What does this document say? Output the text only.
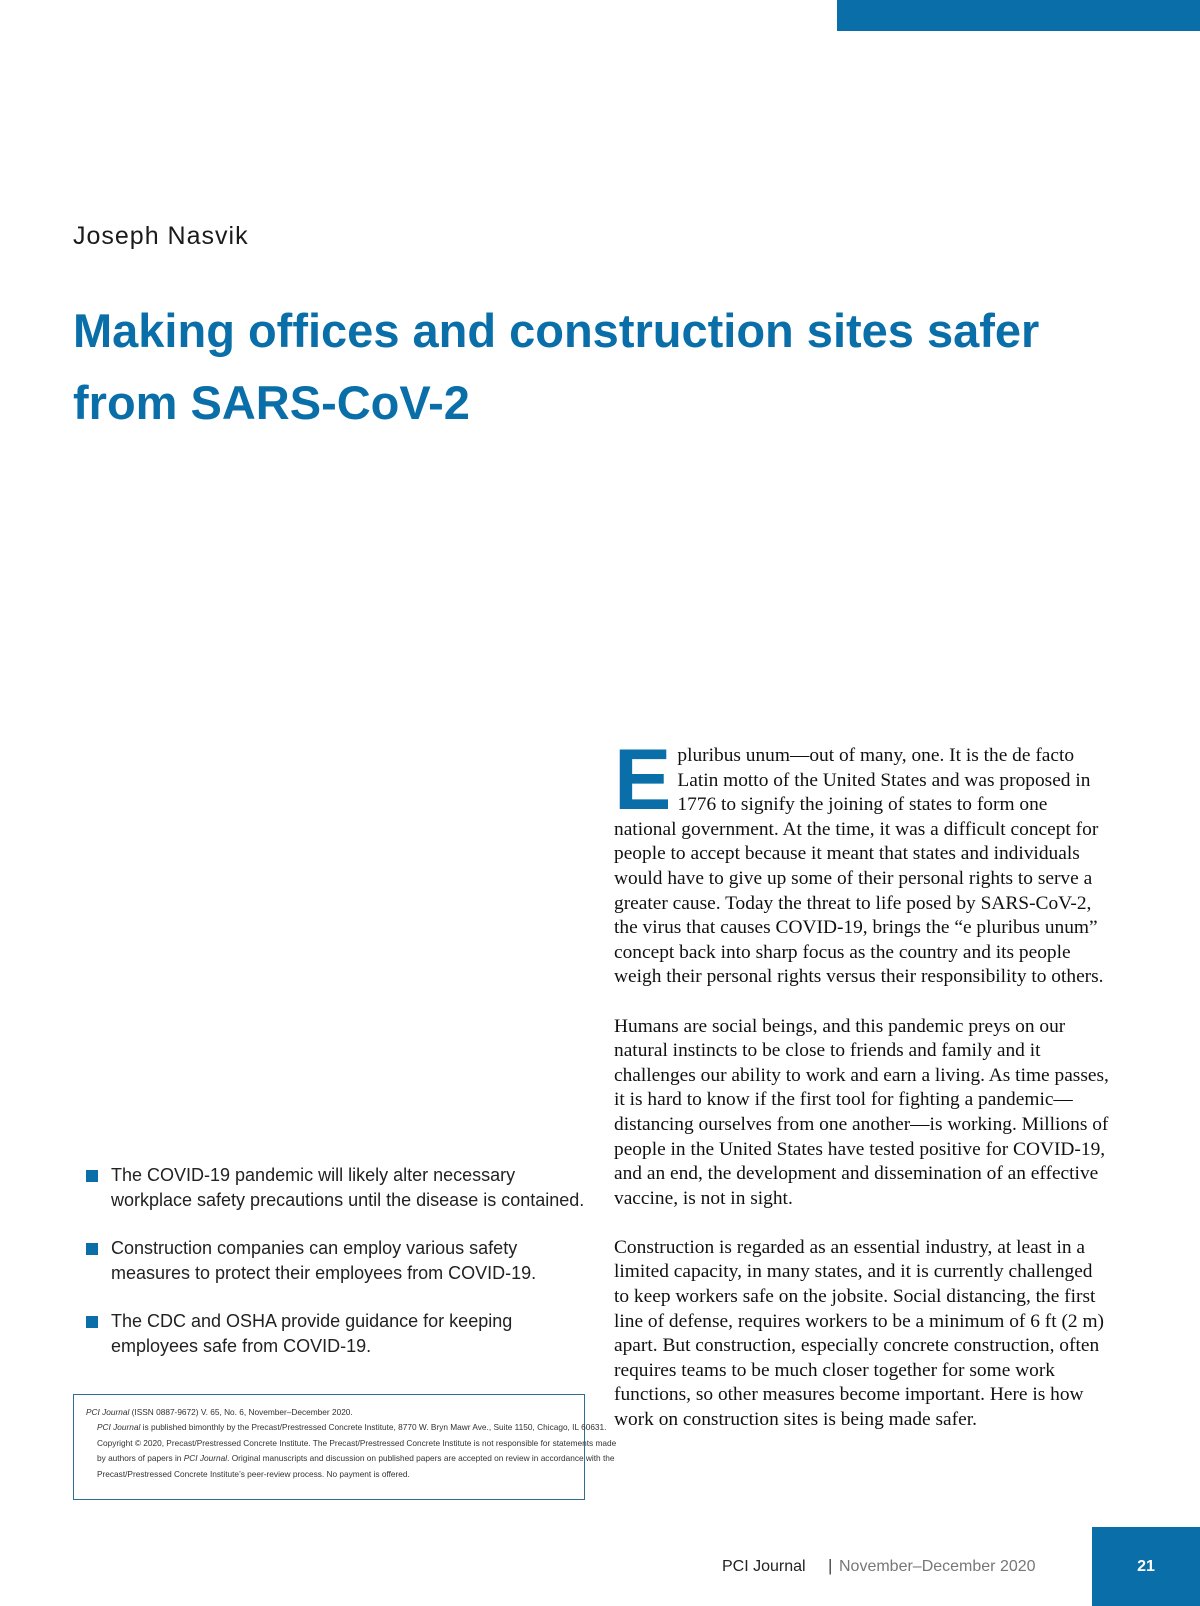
Joseph Nasvik
Making offices and construction sites safer from SARS-CoV-2

Epluribus unum—out of many, one. It is the de facto Latin motto of the United States and was proposed in 1776 to signify the joining of states to form one national government. At the time, it was a difficult concept for people to accept because it meant that states and individuals would have to give up some of their personal rights to serve a greater cause. Today the threat to life posed by SARS-CoV-2, the virus that causes COVID-19, brings the “e pluribus unum” concept back into sharp focus as the country and its people weigh their personal rights versus their responsibility to others.

Humans are social beings, and this pandemic preys on our natural instincts to be close to friends and family and it challenges our ability to work and earn a living. As time passes, it is hard to know if the first tool for fighting a pandemic—distancing ourselves from one another—is working. Millions of people in the United States have tested positive for COVID-19, and an end, the development and dissemination of an effective vaccine, is not in sight.

Construction is regarded as an essential industry, at least in a limited capacity, in many states, and it is currently challenged to keep workers safe on the jobsite. Social distancing, the first line of defense, requires workers to be a minimum of 6 ft (2 m) apart. But construction, especially concrete construction, often requires teams to be much closer together for some work functions, so other measures become important. Here is how work on construction sites is being made safer.

The COVID-19 pandemic will likely alter necessary workplace safety precautions until the disease is contained.
Construction companies can employ various safety measures to protect their employees from COVID-19.
The CDC and OSHA provide guidance for keeping employees safe from COVID-19.
PCI Journal (ISSN 0887-9672) V. 65, No. 6, November–December 2020.
PCI Journal is published bimonthly by the Precast/Prestressed Concrete Institute, 8770 W. Bryn Mawr Ave., Suite 1150, Chicago, IL 60631.
Copyright © 2020, Precast/Prestressed Concrete Institute. The Precast/Prestressed Concrete Institute is not responsible for statements made
by authors of papers in PCI Journal. Original manuscripts and discussion on published papers are accepted on review in accordance with the
Precast/Prestressed Concrete Institute’s peer-review process. No payment is offered.
PCI Journal | November–December 2020	21
